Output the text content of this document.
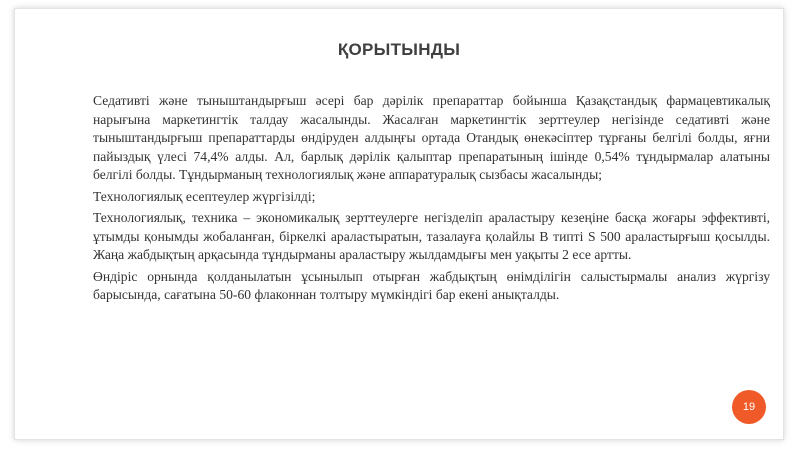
ҚОРЫТЫНДЫ

Седативті және тыныштандырғыш әсері бар дәрілік препараттар бойынша Қазақстандық фармацевтикалық нарығына маркетингтік талдау жасалынды. Жасалған маркетингтік зерттеулер негізінде седативті және тыныштандырғыш препараттарды өндіруден алдыңғы ортада Отандық өнекәсіптер тұрғаны белгілі болды, яғни пайыздық үлесі 74,4% алды. Ал, барлық дәрілік қалыптар препаратының ішінде 0,54% тұндырмалар алатыны белгілі болды. Тұндырманың технологиялық және аппаратуралық сызбасы жасалынды;

Технологиялық есептеулер жүргізілді;

Технологиялық, техника – экономикалық зерттеулерге негізделіп араластыру кезеңіне басқа жоғары эффективті, ұтымды қонымды жобаланған, біркелкі араластыратын, тазалауға қолайлы В типті S 500 араластырғыш қосылды. Жаңа жабдықтың арқасында тұндырманы араластыру жылдамдығы мен уақыты 2 есе артты.

Өндіріс орнында қолданылатын ұсынылып отырған жабдықтың өнімділігін салыстырмалы анализ жүргізу барысында, сағатына 50-60 флаконнан толтыру мүмкіндігі бар екені анықталды.

19
